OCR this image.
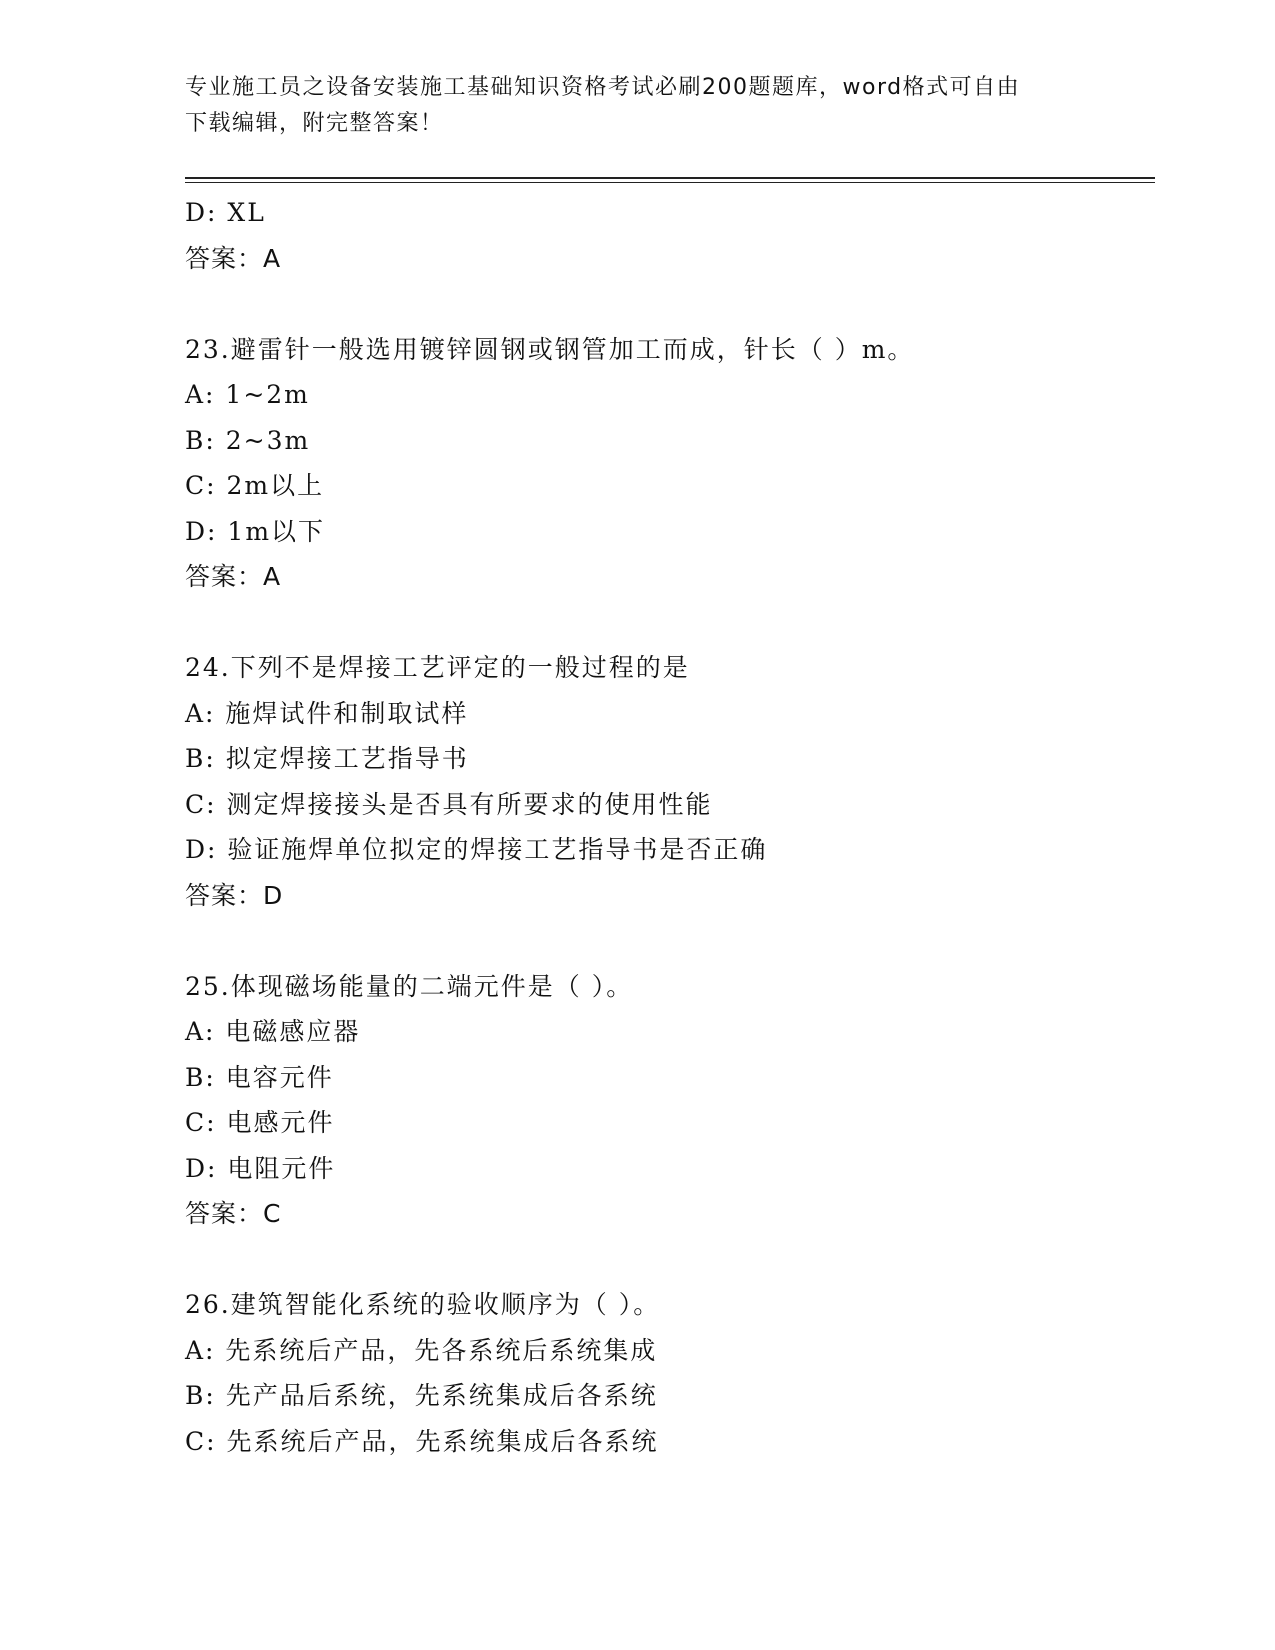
专业施工员之设备安装施工基础知识资格考试必刷200题题库，word格式可自由
下载编辑，附完整答案！
D: XL
答案：A
23.避雷针一般选用镀锌圆钢或钢管加工而成，针长（ ）m。
A: 1~2m
B: 2~3m
C: 2m以上
D: 1m以下
答案：A
24.下列不是焊接工艺评定的一般过程的是
A: 施焊试件和制取试样
B: 拟定焊接工艺指导书
C: 测定焊接接头是否具有所要求的使用性能
D: 验证施焊单位拟定的焊接工艺指导书是否正确
答案：D
25.体现磁场能量的二端元件是（ ）。
A: 电磁感应器
B: 电容元件
C: 电感元件
D: 电阻元件
答案：C
26.建筑智能化系统的验收顺序为（ ）。
A: 先系统后产品，先各系统后系统集成
B: 先产品后系统，先系统集成后各系统
C: 先系统后产品，先系统集成后各系统
